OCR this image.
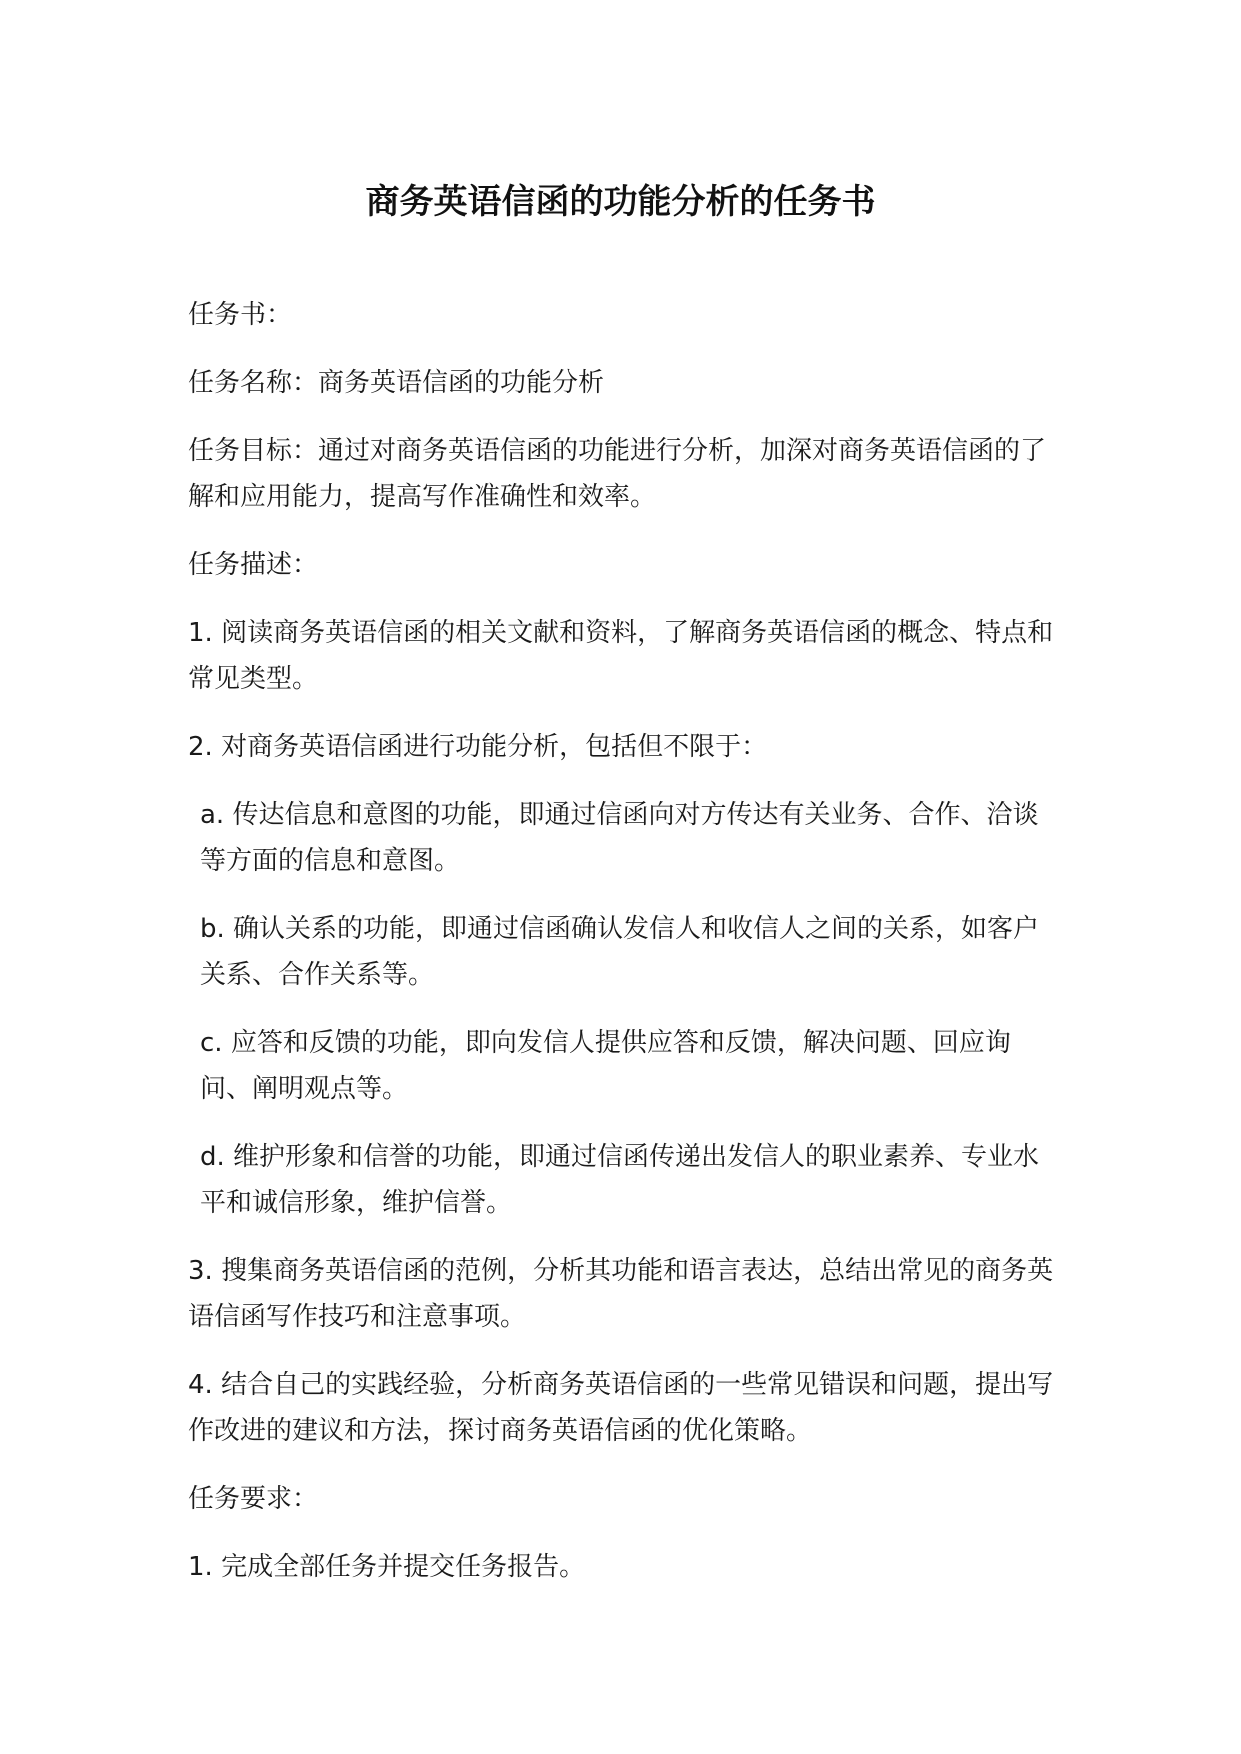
商务英语信函的功能分析的任务书

任务书：

任务名称：商务英语信函的功能分析

任务目标：通过对商务英语信函的功能进行分析，加深对商务英语信函的了解和应用能力，提高写作准确性和效率。

任务描述：

1. 阅读商务英语信函的相关文献和资料，了解商务英语信函的概念、特点和常见类型。

2. 对商务英语信函进行功能分析，包括但不限于：

a. 传达信息和意图的功能，即通过信函向对方传达有关业务、合作、洽谈等方面的信息和意图。

b. 确认关系的功能，即通过信函确认发信人和收信人之间的关系，如客户关系、合作关系等。

c. 应答和反馈的功能，即向发信人提供应答和反馈，解决问题、回应询问、阐明观点等。

d. 维护形象和信誉的功能，即通过信函传递出发信人的职业素养、专业水平和诚信形象，维护信誉。

3. 搜集商务英语信函的范例，分析其功能和语言表达，总结出常见的商务英语信函写作技巧和注意事项。

4. 结合自己的实践经验，分析商务英语信函的一些常见错误和问题，提出写作改进的建议和方法，探讨商务英语信函的优化策略。

任务要求：

1. 完成全部任务并提交任务报告。
